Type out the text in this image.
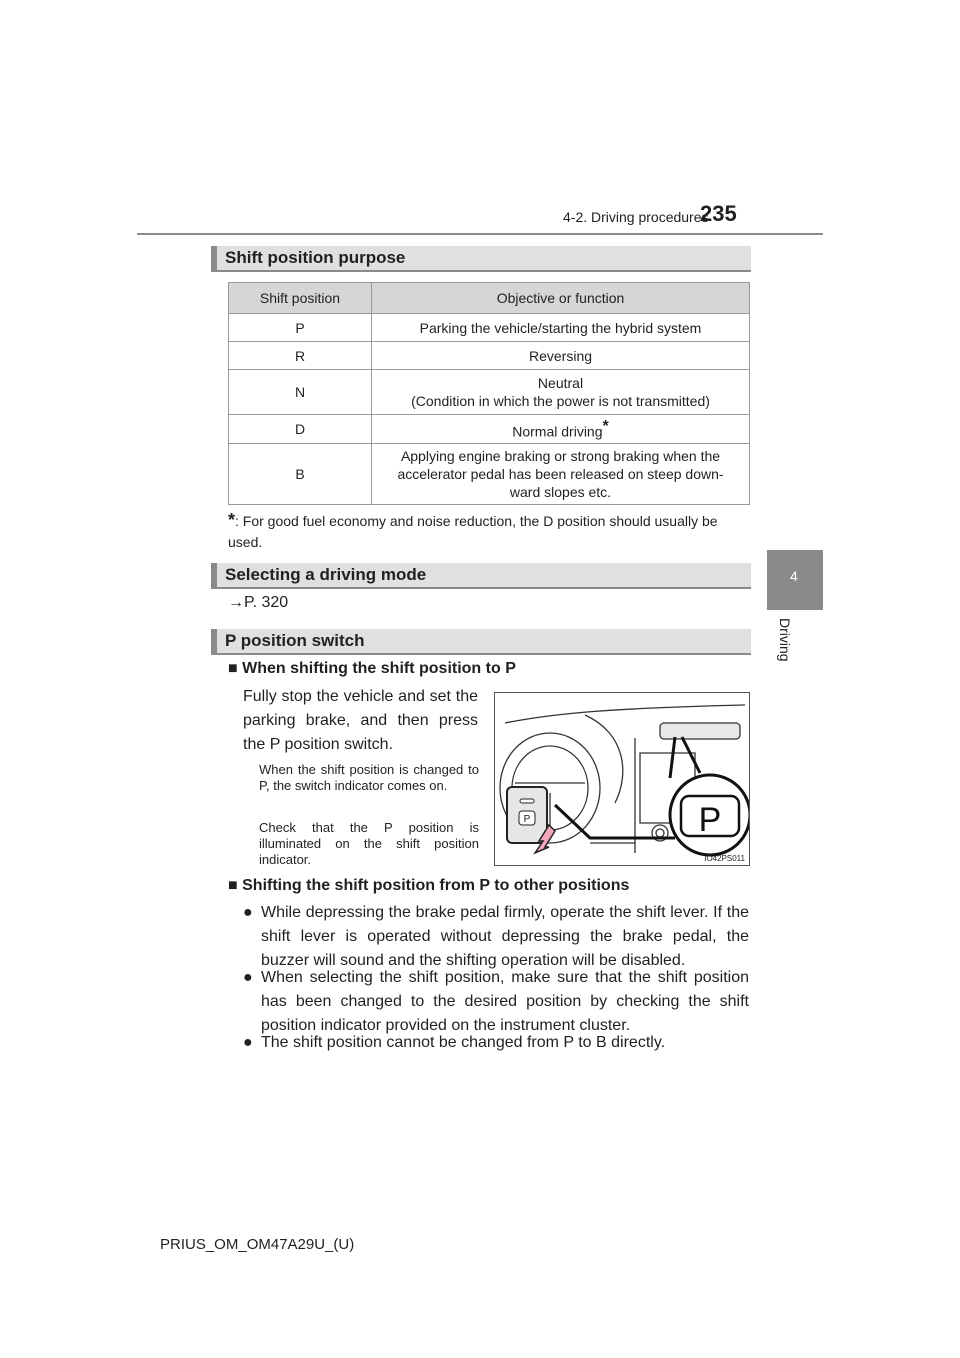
4-2. Driving procedures
235
4
Driving
Shift position purpose
Shift position	Objective or function
P	Parking the vehicle/starting the hybrid system
R	Reversing
N	Neutral
(Condition in which the power is not transmitted)
D	Normal driving*
B	Applying engine braking or strong braking when the
accelerator pedal has been released on steep down-
ward slopes etc.
*: For good fuel economy and noise reduction, the D position should usually be used.
Selecting a driving mode
→P. 320
P position switch
■ When shifting the shift position to P
Fully stop the vehicle and set the parking brake, and then press the P position switch.
When the shift position is changed to P, the switch indicator comes on.
Check that the P position is illuminated on the shift position indicator.
P	P
IO42PS011
■ Shifting the shift position from P to other positions
● While depressing the brake pedal firmly, operate the shift lever. If the shift lever is operated without depressing the brake pedal, the buzzer will sound and the shifting operation will be disabled.
● When selecting the shift position, make sure that the shift position has been changed to the desired position by checking the shift position indicator provided on the instrument cluster.
● The shift position cannot be changed from P to B directly.
PRIUS_OM_OM47A29U_(U)
